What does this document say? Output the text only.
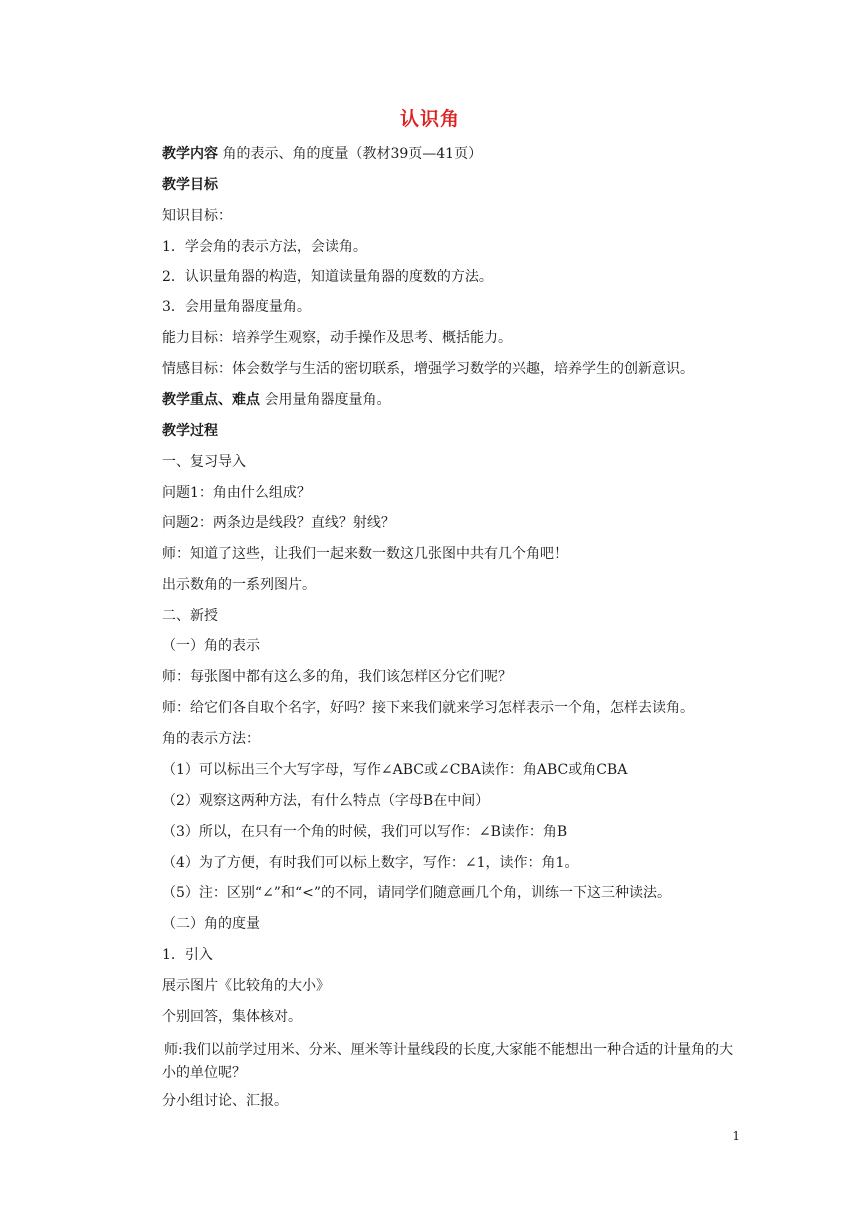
认识角
教学内容 角的表示、角的度量（教材39页—41页）
教学目标
知识目标：
1．学会角的表示方法，会读角。
2．认识量角器的构造，知道读量角器的度数的方法。
3．会用量角器度量角。
能力目标：培养学生观察，动手操作及思考、概括能力。
情感目标：体会数学与生活的密切联系，增强学习数学的兴趣，培养学生的创新意识。
教学重点、难点 会用量角器度量角。
教学过程
一、复习导入
问题1：角由什么组成？
问题2：两条边是线段？直线？射线？
师：知道了这些，让我们一起来数一数这几张图中共有几个角吧！
出示数角的一系列图片。
二、新授
（一）角的表示
师：每张图中都有这么多的角，我们该怎样区分它们呢？
师：给它们各自取个名字，好吗？接下来我们就来学习怎样表示一个角，怎样去读角。
角的表示方法：
（1）可以标出三个大写字母，写作∠ABC或∠CBA读作：角ABC或角CBA
（2）观察这两种方法，有什么特点（字母B在中间）
（3）所以，在只有一个角的时候，我们可以写作：∠B读作：角B
（4）为了方便，有时我们可以标上数字，写作：∠1，读作：角1。
（5）注：区别“∠”和“<”的不同，请同学们随意画几个角，训练一下这三种读法。
（二）角的度量
1．引入
展示图片《比较角的大小》
个别回答，集体核对。
师:我们以前学过用米、分米、厘米等计量线段的长度,大家能不能想出一种合适的计量角的大小的单位呢？
分小组讨论、汇报。
1
